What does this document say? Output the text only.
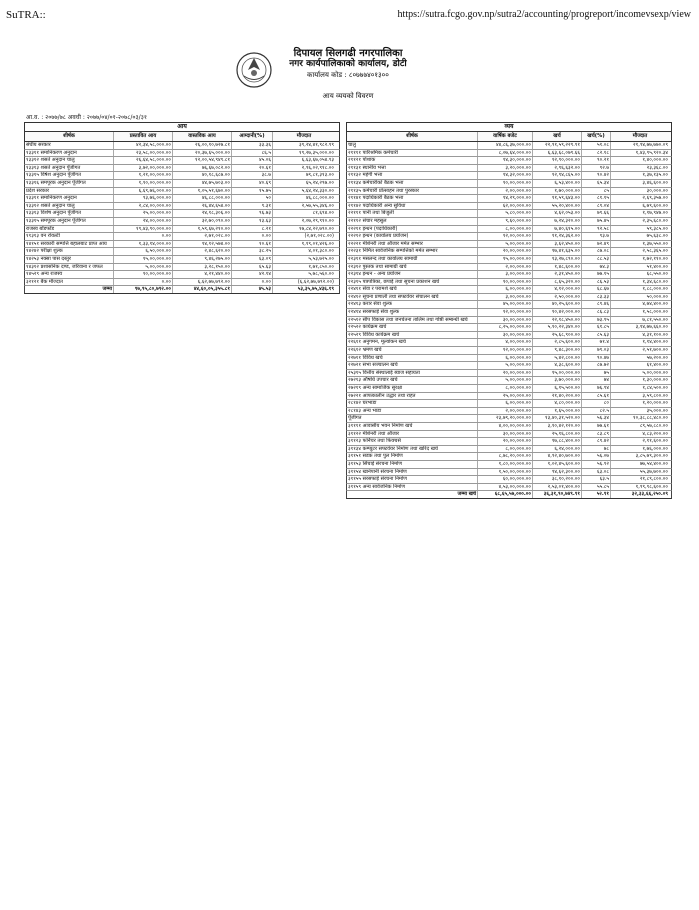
SuTRA::	https://sutra.fcgo.gov.np/sutra2/accounting/progreport/incomevsexp/view
दिपायल सिलगढी नगरपालिका
नगर कार्यपालिकाको कार्यालय, डोटी
कार्यालय कोड : ८०७७७४०१३००
आय व्ययको विवरण
आ.व. : २०७७/७८ अवधी : २०७७/०४/०१-२०७८/०३/३१
आय
शीर्षक	प्रस्तावित आय	वास्तविक आय	आम्दानी(%)	मौज्दात
संघीय सरकार	४२,३४,५८,०००.००	२६,००,१०,७२७.८१	३३.३६	३९,२४,४१,९८२.९९
१३३११ समानिकरण अनुदान	२३,५८,००,०००.००	२०,३७,६५,०००.००	८६.५	१९,२७,३५,०००.००
१३३१२ शसर्त अनुदान चालु	२६,६४,५८,०००.००	१२,००,५४,९४९.८१	४५.०६	६,६३,६७,०५४.९३
१३३१३ शसर्त अनुदान पूँजीगत	३,७२,००,०००.००	७६,६७,०८२.००	२०.६१	२,९६,०२,९१८.००
१३३१५ विषेश अनुदान पूँजीगत	१,२१,००,०००.००	४०,१८,६८७.००	३८.७	७९,८१,३१३.००
१३३१६ समपूरक अनुदान पूँजीगत	१,१०,००,०००.००	४४,७५,७०३.००	४०.६९	६५,२४,२९७.००
प्रदेश सरकार	६,६९,७६,०००.००	१,०५,५१,६७०.००	१५.७५	५,६४,२४,३३०.००
१३३११ समानिकरण अनुदान	९३,७६,०००.००	४६,८८,०००.००	५०	४६,८८,०००.००
१३३१२ शसर्त अनुदान चालु	२,८४,००,०००.००	२६,४४,६५४.००	९.३१	२,५७,५५,३४६.००
१३३१३ विशेष अनुदान पूँजीगत	२५,००,०००.००	२४,१८,३०६.००	९६.७३	८१,६९४.००
१३३१५ समपूरक अनुदान पूँजीगत	२४,००,०००.००	३२,७०,०९०.००	१३.६३	२,०७,२९,९१०.००
राजस्व बाँडफाँड	१९,४३,९०,०००.००	१,५९,६७,२१०.००	८.२१	१७,८४,२२,७९०.००
११३१३ वन रोयल्टी	०.००	२,७१,०२८.००	०.००	(२,७१,०२८.००)
१४१५१ सरकारी सम्पत्ति बहालबाट प्राप्त आय	१,३३,१४,०००.००	१४,१२,५७४.००	१०.६१	१,१९,०१,४२६.००
१४२४२ परीक्षा शुल्क	६,५०,०००.००	२,४८,६२०.००	३८.२५	४,०१,३८०.००
१४२५३ नक्सा पास दस्तुर	१५,००,०००.००	९,४६,२७५.००	६३.०९	५,५३,७२५.००
१४३१२ प्रशासनिक दण्ड, जरिवाना र जफत	५,००,०००.००	३,२८,१५०.००	६५.६३	१,७१,८५०.००
१४५२९ अन्य राजस्व	१०,००,०००.००	४,२१,४४०.००	४२.१४	५,७८,५६०.००
३२१२१ बैंक मौज्दात	०.००	६,६२,७७,७९२.००	०.००	(६,६२,७७,७९२.००)
जम्मा	९७,९५,८०,७९२.००	४४,६०,०५,३५५.८१	४५.५३	५३,३५,७५,४३६.१९
व्यय
शीर्षक	वार्षिक बजेट	खर्च	खर्च(%)	मौज्दात
चालु	४४,८६,३७,०००.००	२२,९१,५९,२२९.९१	५१.०८	२१,९४,७७,७७०.०९
२११११ पारिश्रमिक कर्मचारी	८,०७,६४,०००.००	६,६३,६८,०७९.६६	८२.१८	१,४३,९५,९२०.३४
२११२१ पोशाक	१४,३०,०००.००	१२,९०,०००.००	९०.२१	१,४०,०००.००
२११३१ स्थानीय भत्ता	३,२०,०००.००	२,९६,६३२.००	९२.७	२३,३६८.००
२११३२ महंगी भत्ता	१४,३२,०००.००	१२,९४,८६५.००	९०.४२	१,३७,१३५.००
२११३४ कर्मचारीको बैठक भत्ता	१०,००,०००.००	६,५३,४००.००	६५.३४	३,४६,६००.००
२११३५ कर्मचारी प्रोत्साहन तथा पुरस्कार	२,००,०००.००	१,७०,०००.००	८५	३०,०००.००
२११४१ पदाधिकारी बैठक भत्ता	१४,२९,०००.००	११,५९,६४३.००	८१.१५	२,६९,३५७.००
२११४२ पदाधिकारी अन्य सुविधा	६२,००,०००.००	५५,२०,४००.००	८९.०४	६,७९,६००.००
२२१११ पानी तथा बिजुली	५,८०,०००.००	४,६२,०५३.००	७९.६६	१,१७,९४७.००
२२११२ संचार महसुल	९,६०,०००.००	७,२४,३२०.००	७५.४५	२,३५,६८०.००
२२२११ इन्धन (पदाधिकारी)	८,००,०००.००	७,४०,६१५.००	९२.५८	५९,३८५.००
२२२१२ इन्धन (कार्यालय प्रयोजन)	१२,००,०००.००	११,२४,३६२.००	९३.७	७५,६३८.००
२२२२१ मेशिनरी तथा औजार मर्मत सम्भार	५,००,०००.००	३,६२,४५०.००	७२.४९	१,३७,५५०.००
२२२३१ निर्मित सार्वजनिक सम्पत्तिको मर्मत सम्भार	२०,००,०००.००	१७,४१,६३५.००	८७.०८	२,५८,३६५.००
२२३११ मसलन्द तथा कार्यालय सामाग्री	१५,००,०००.००	१३,२७,८९०.००	८८.५३	१,७२,११०.००
२२३१२ पुस्तक तथा सामाग्री खर्च	२,००,०००.००	१,४८,६००.००	७४.३	५१,४००.००
२२३१४ इन्धन - अन्य प्रयोजन	३,००,०००.००	२,३१,४५०.००	७७.१५	६८,५५०.००
२२३१५ पत्रपत्रिका, छपाई तथा सूचना प्रकाशन खर्च	१०,००,०००.००	८,६५,३२०.००	८६.५३	१,३४,६८०.००
२२४११ सेवा र परामर्श खर्च	६,००,०००.००	४,१२,०००.००	६८.६७	१,८८,०००.००
२२४१२ सूचना प्रणाली तथा सफ्टवेयर संचालन खर्च	३,००,०००.००	२,५०,०००.००	८३.३३	५०,०००.००
२२४१३ करार सेवा शुल्क	४५,००,०००.००	४०,२५,६००.००	८९.४६	४,७४,४००.००
२२४१४ सरसफाई सेवा शुल्क	१२,००,०००.००	१०,४२,०००.००	८६.८३	१,५८,०००.००
२२५१२ सीप विकास तथा जनचेतना तालिम तथा गोष्ठी सम्बन्धी खर्च	३०,००,०००.००	२२,१८,४५०.००	७३.९५	७,८१,५५०.००
२२५२२ कार्यक्रम खर्च	८,२५,००,०००.००	५,१०,२२,३४०.००	६१.८५	३,१४,७७,६६०.००
२२५२९ विविध कार्यक्रम खर्च	३०,००,०००.००	२५,६८,९००.००	८५.६३	४,३१,१००.००
२२६११ अनुगमन, मूल्यांकन खर्च	४,००,०००.००	२,८५,६००.००	७१.४	१,१४,४००.००
२२६१२ भ्रमण खर्च	१२,००,०००.००	९,४८,३००.००	७९.०३	२,५१,७००.००
२२७११ विविध खर्च	६,००,०००.००	५,४२,८००.००	९०.४७	५७,२००.००
२२७२१ सभा सञ्चालन खर्च	५,००,०००.००	४,३८,६००.००	८७.७२	६१,४००.००
२५३१५ वित्तीय संस्थालाई ब्याज सहायता	२०,००,०००.००	१५,००,०००.००	७५	५,००,०००.००
२७२१३ औषधि उपचार खर्च	५,००,०००.००	३,७०,०००.००	७४	१,३०,०००.००
२७२१९ अन्य सामाजिक सुरक्षा	८,००,०००.००	६,१५,५००.००	७६.९४	१,८४,५००.००
२७२२१ आपत्कालीन उद्धार तथा राहत	२५,००,०००.००	२१,४०,२००.००	८५.६१	३,५९,८००.००
२८१४२ घरभाडा	६,००,०००.००	४,८०,०००.००	८०	१,२०,०००.००
२८१४३ अन्य भाडा	२,००,०००.००	१,६५,०००.००	८२.५	३५,०००.००
पूँजीगत	२३,७९,२०,०००.००	१३,४०,३१,५२०.००	५६.३४	१०,३८,८८,४८०.००
३११११ आवासीय भवन निर्माण खर्च	४,००,००,०००.००	३,१०,४२,१२०.००	७७.६१	८९,५७,८८०.००
३११२२ मेशिनरी तथा औजार	३०,००,०००.००	२५,१६,८००.००	८३.८९	४,८३,२००.००
३११२३ फर्निचर तथा फिक्चर्स	२०,००,०००.००	१७,८८,४००.००	८९.४२	२,११,६००.००
३११३४ कम्प्युटर सफ्टवेयर निर्माण तथा खरिद खर्च	८,००,०००.००	६,२४,०००.००	७८	१,७६,०००.००
३११५१ सडक तथा पुल निर्माण	८,७८,२०,०००.००	४,९२,४०,७००.००	५६.०७	३,८५,७९,३००.००
३११५३ सिंचाई संरचना निर्माण	१,८०,००,०००.००	१,०२,४५,६००.००	५६.९२	७७,५४,४००.००
३११५४ खानेपानी संरचना निर्माण	१,५०,००,०००.००	९४,६२,३००.००	६३.०८	५५,३७,७००.००
३११५५ सरसफाई संरचना निर्माण	६०,००,०००.००	३८,१०,२००.००	६३.५	२१,८९,८००.००
३११५९ अन्य सार्वजनिक निर्माण	४,५३,००,०००.००	२,५३,०१,४००.००	५५.८५	१,९९,९८,६००.००
जम्मा खर्च	६८,६५,५७,०००.००	३६,३१,९०,७४९.९१	५२.९१	३२,३३,६६,२५०.०९
